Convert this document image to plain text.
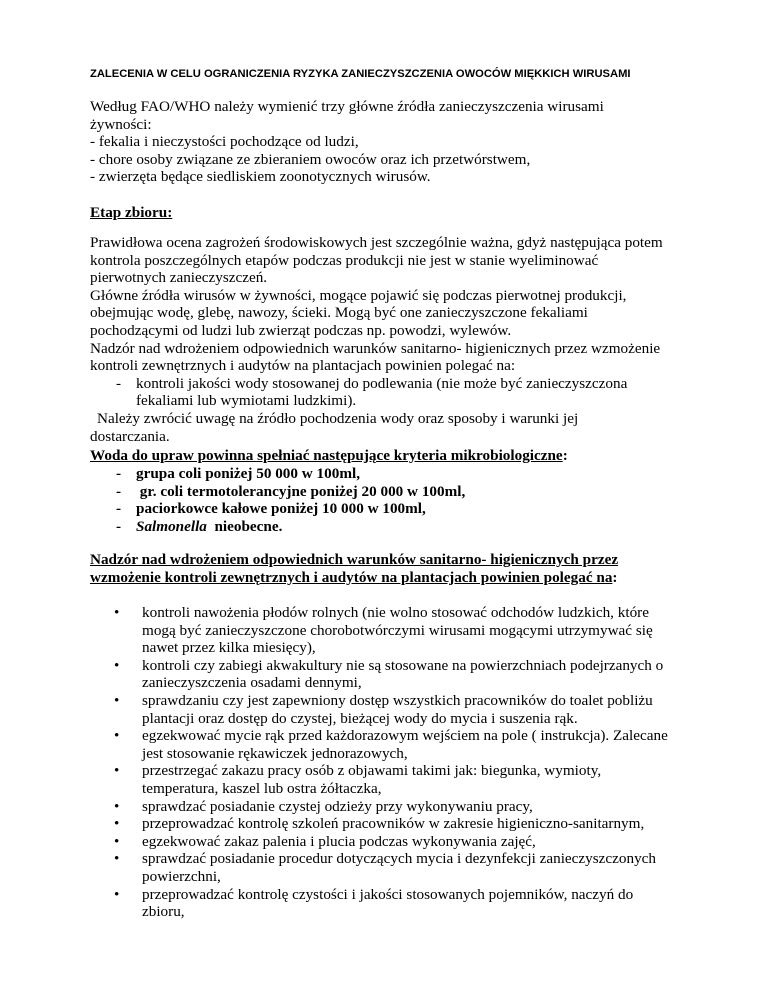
ZALECENIA W CELU OGRANICZENIA RYZYKA ZANIECZYSZCZENIA OWOCÓW MIĘKKICH WIRUSAMI
Według FAO/WHO należy wymienić trzy główne źródła zanieczyszczenia wirusami
żywności:
- fekalia i nieczystości pochodzące od ludzi,
- chore osoby związane ze zbieraniem owoców oraz ich przetwórstwem,
- zwierzęta będące siedliskiem zoonotycznych wirusów.
Etap zbioru:
Prawidłowa ocena zagrożeń środowiskowych jest szczególnie ważna, gdyż następująca potem
kontrola poszczególnych etapów podczas produkcji nie jest w stanie wyeliminować
pierwotnych zanieczyszczeń.
Główne źródła wirusów w żywności, mogące pojawić się podczas pierwotnej produkcji,
obejmując wodę, glebę, nawozy, ścieki. Mogą być one zanieczyszczone fekaliami
pochodzącymi od ludzi lub zwierząt podczas np. powodzi, wylewów.
Nadzór nad wdrożeniem odpowiednich warunków sanitarno- higienicznych przez wzmożenie
kontroli zewnętrznych i audytów na plantacjach powinien polegać na:
- kontroli jakości wody stosowanej do podlewania (nie może być zanieczyszczona

fekaliami lub wymiotami ludzkimi).
Należy zwrócić uwagę na źródło pochodzenia wody oraz sposoby i warunki jej
dostarczania.
Woda do upraw powinna spełniać następujące kryteria mikrobiologiczne:
- grupa coli poniżej 50 000 w 100ml,

- gr. coli termotolerancyjne poniżej 20 000 w 100ml,

- paciorkowce kałowe poniżej 10 000 w 100ml,

- Salmonella  nieobecne.

Nadzór nad wdrożeniem odpowiednich warunków sanitarno- higienicznych przez
wzmożenie kontroli zewnętrznych i audytów na plantacjach powinien polegać na:
•	kontroli nawożenia płodów rolnych (nie wolno stosować odchodów ludzkich, które
mogą być zanieczyszczone chorobotwórczymi wirusami mogącymi utrzymywać się
nawet przez kilka miesięcy),
•	kontroli czy zabiegi akwakultury nie są stosowane na powierzchniach podejrzanych o
zanieczyszczenia osadami dennymi,
•	sprawdzaniu czy jest zapewniony dostęp wszystkich pracowników do toalet pobliżu
plantacji oraz dostęp do czystej, bieżącej wody do mycia i suszenia rąk.
•	egzekwować mycie rąk przed każdorazowym wejściem na pole ( instrukcja). Zalecane
jest stosowanie rękawiczek jednorazowych,
•	przestrzegać zakazu pracy osób z objawami takimi jak: biegunka, wymioty,
temperatura, kaszel lub ostra żółtaczka,
•	sprawdzać posiadanie czystej odzieży przy wykonywaniu pracy,
•	przeprowadzać kontrolę szkoleń pracowników w zakresie higieniczno-sanitarnym,
•	egzekwować zakaz palenia i plucia podczas wykonywania zajęć,
•	sprawdzać posiadanie procedur dotyczących mycia i dezynfekcji zanieczyszczonych
powierzchni,
•	przeprowadzać kontrolę czystości i jakości stosowanych pojemników, naczyń do
zbioru,
